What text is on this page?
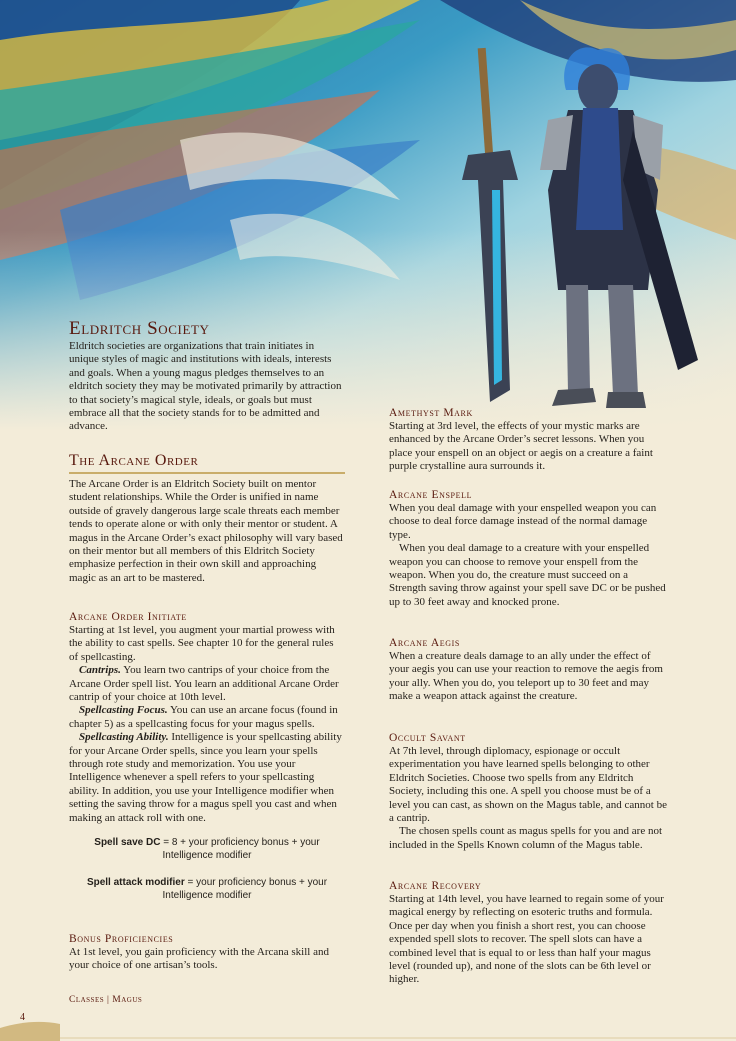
Eldritch Society

Eldritch societies are organizations that train initiates in unique styles of magic and institutions with ideals, interests and goals. When a young magus pledges themselves to an eldritch society they may be motivated primarily by attraction to that society’s magical style, ideals, or goals but must embrace all that the society stands for to be admitted and advance.

The Arcane Order

The Arcane Order is an Eldritch Society built on mentor student relationships. While the Order is unified in name outside of gravely dangerous large scale threats each member tends to operate alone or with only their mentor or student. A magus in the Arcane Order’s exact philosophy will vary based on their mentor but all members of this Eldritch Society emphasize perfection in their own skill and approaching magic as an art to be mastered.

Arcane Order Initiate

Starting at 1st level, you augment your martial prowess with the ability to cast spells. See chapter 10 for the general rules of spellcasting.

Cantrips. You learn two cantrips of your choice from the Arcane Order spell list. You learn an additional Arcane Order cantrip of your choice at 10th level.

Spellcasting Focus. You can use an arcane focus (found in chapter 5) as a spellcasting focus for your magus spells.

Spellcasting Ability. Intelligence is your spellcasting ability for your Arcane Order spells, since you learn your spells through rote study and memorization. You use your Intelligence whenever a spell refers to your spellcasting ability. In addition, you use your Intelligence modifier when setting the saving throw for a magus spell you cast and when making an attack roll with one.

Spell save DC = 8 + your proficiency bonus + your
Intelligence modifier
Spell attack modifier = your proficiency bonus + your
Intelligence modifier
Bonus Proficiencies

At 1st level, you gain proficiency with the Arcana skill and your choice of one artisan’s tools.

Amethyst Mark

Starting at 3rd level, the effects of your mystic marks are enhanced by the Arcane Order’s secret lessons. When you place your enspell on an object or aegis on a creature a faint purple crystalline aura surrounds it.

Arcane Enspell

When you deal damage with your enspelled weapon you can choose to deal force damage instead of the normal damage type.

When you deal damage to a creature with your enspelled weapon you can choose to remove your enspell from the weapon. When you do, the creature must succeed on a Strength saving throw against your spell save DC or be pushed up to 30 feet away and knocked prone.

Arcane Aegis

When a creature deals damage to an ally under the effect of your aegis you can use your reaction to remove the aegis from your ally. When you do, you teleport up to 30 feet and may make a weapon attack against the creature.

Occult Savant

At 7th level, through diplomacy, espionage or occult experimentation you have learned spells belonging to other Eldritch Societies. Choose two spells from any Eldritch Society, including this one. A spell you choose must be of a level you can cast, as shown on the Magus table, and cannot be a cantrip.

The chosen spells count as magus spells for you and are not included in the Spells Known column of the Magus table.

Arcane Recovery

Starting at 14th level, you have learned to regain some of your magical energy by reflecting on esoteric truths and formula. Once per day when you finish a short rest, you can choose expended spell slots to recover. The spell slots can have a combined level that is equal to or less than half your magus level (rounded up), and none of the slots can be 6th level or higher.

Classes | Magus
4
